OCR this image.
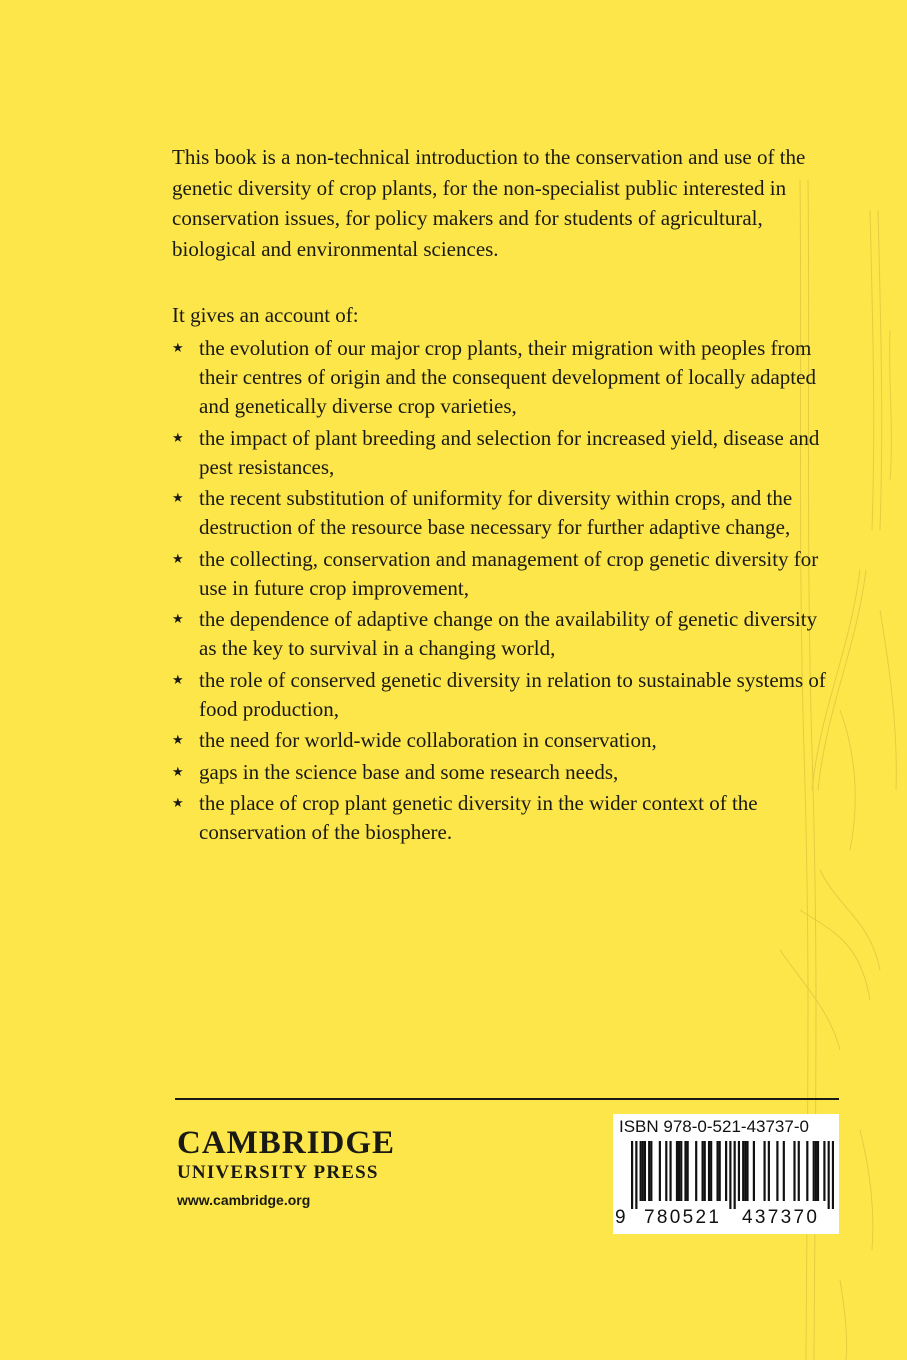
This book is a non-technical introduction to the conservation and use of the genetic diversity of crop plants, for the non-specialist public interested in conservation issues, for policy makers and for students of agricultural, biological and environmental sciences.

It gives an account of:

★ the evolution of our major crop plants, their migration with peoples from their centres of origin and the consequent development of locally adapted and genetically diverse crop varieties,
★ the impact of plant breeding and selection for increased yield, disease and pest resistances,
★ the recent substitution of uniformity for diversity within crops, and the destruction of the resource base necessary for further adaptive change,
★ the collecting, conservation and management of crop genetic diversity for use in future crop improvement,
★ the dependence of adaptive change on the availability of genetic diversity as the key to survival in a changing world,
★ the role of conserved genetic diversity in relation to sustainable systems of food production,
★ the need for world-wide collaboration in conservation,
★ gaps in the science base and some research needs,
★ the place of crop plant genetic diversity in the wider context of the conservation of the biosphere.

CAMBRIDGE

UNIVERSITY PRESS

www.cambridge.org

ISBN 978-0-521-43737-0
9 780521 437370
